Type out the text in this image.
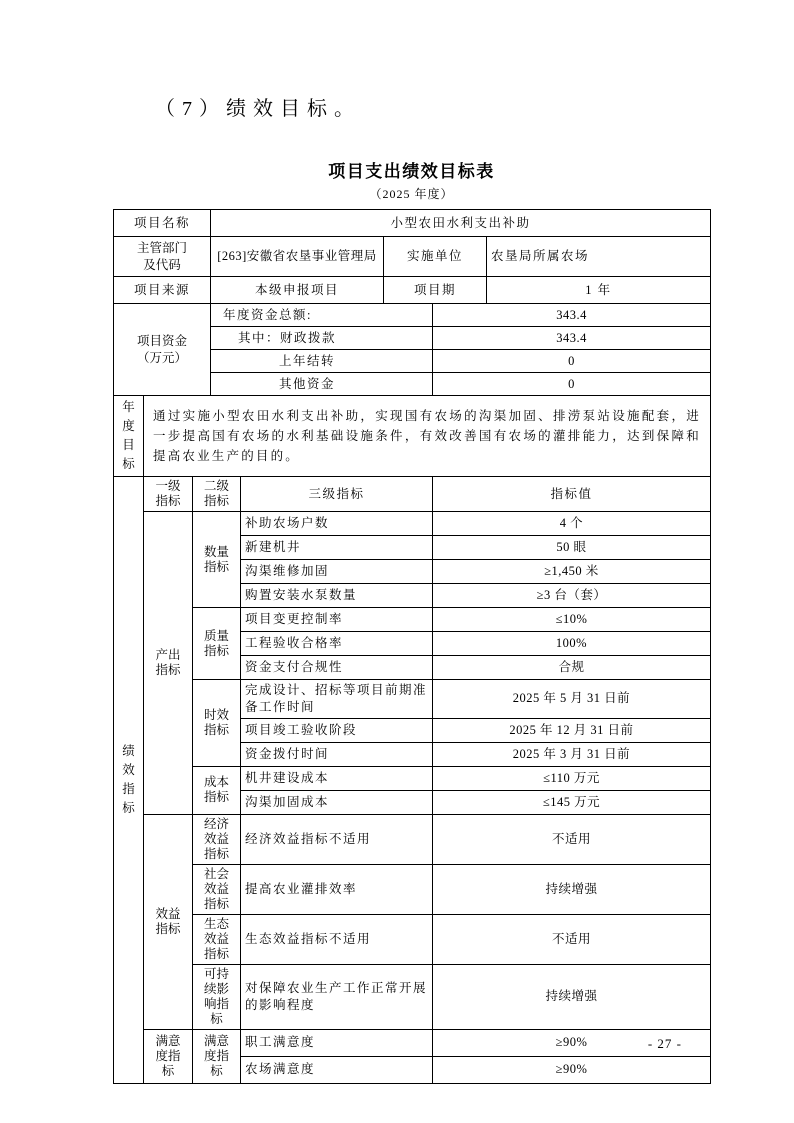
（7）绩效目标。
项目支出绩效目标表
（2025 年度）
项目名称	小型农田水利支出补助		
主管部门及代码	[263]安徽省农垦事业管理局	实施单位	农垦局所属农场
项目来源	本级申报项目	项目期	1 年
项目资金（万元）	年度资金总额:	343.4
	其中：财政拨款	343.4
	上年结转	0
	其他资金	0
年度目标	通过实施小型农田水利支出补助，实现国有农场的沟渠加固、排涝泵站设施配套，进一步提高国有农场的水利基础设施条件，有效改善国有农场的灌排能力，达到保障和提高农业生产的目的。
绩效指标	一级指标	二级指标	三级指标	指标值
	产出指标	数量指标	补助农场户数	4 个
			新建机井	50 眼
			沟渠维修加固	≥1,450 米
			购置安装水泵数量	≥3 台（套）
		质量指标	项目变更控制率	≤10%
			工程验收合格率	100%
			资金支付合规性	合规
		时效指标	完成设计、招标等项目前期准备工作时间	2025 年 5 月 31 日前
			项目竣工验收阶段	2025 年 12 月 31 日前
			资金拨付时间	2025 年 3 月 31 日前
		成本指标	机井建设成本	≤110 万元
			沟渠加固成本	≤145 万元
	效益指标	经济效益指标	经济效益指标不适用	不适用
		社会效益指标	提高农业灌排效率	持续增强
		生态效益指标	生态效益指标不适用	不适用
		可持续影响指标	对保障农业生产工作正常开展的影响程度	持续增强
	满意度指标	满意度指标	职工满意度	≥90%
			农场满意度	≥90%
- 27 -
